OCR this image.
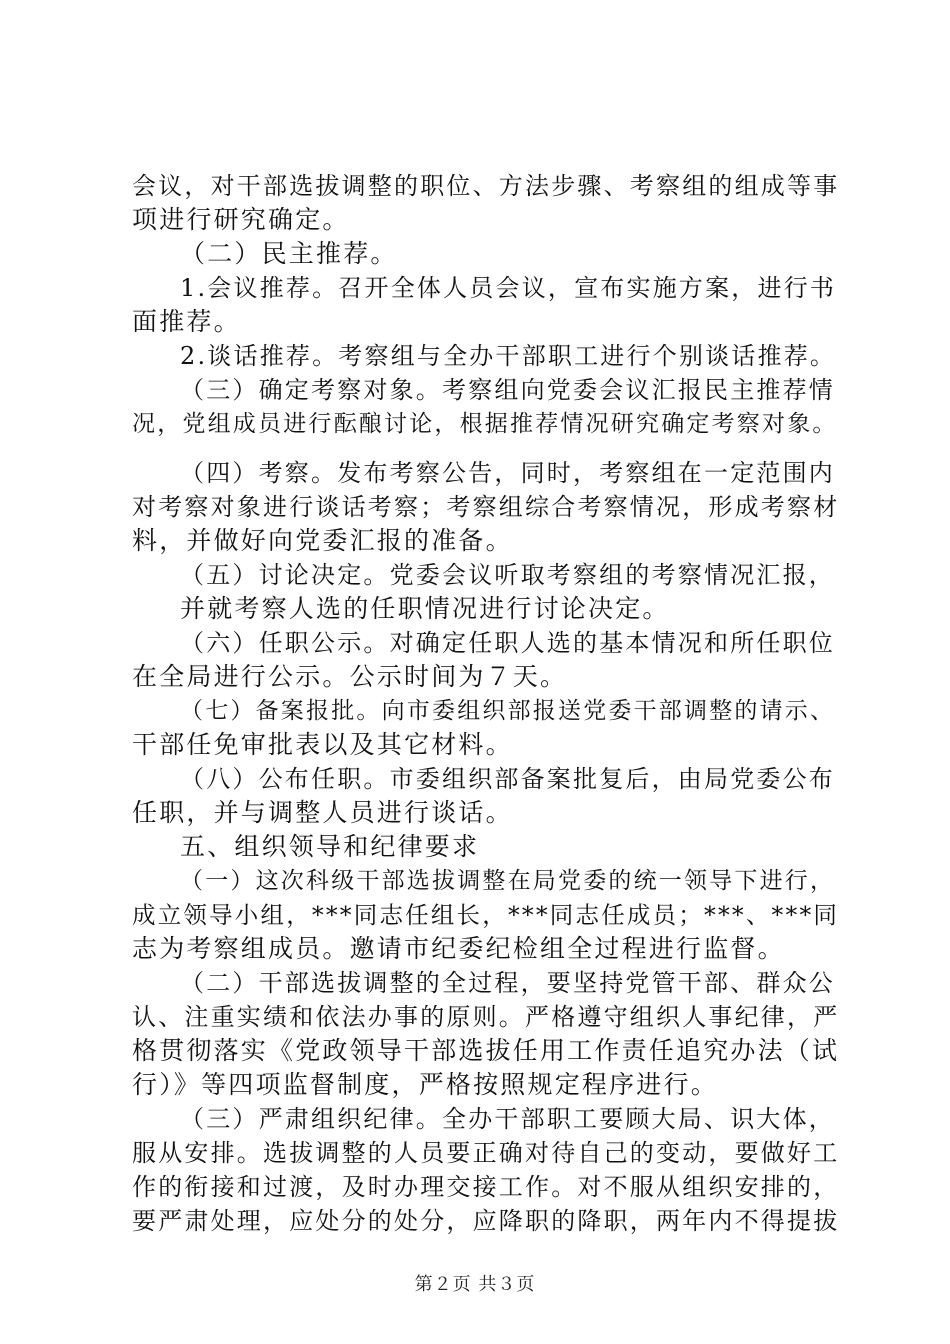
会议，对干部选拔调整的职位、方法步骤、考察组的组成等事
项进行研究确定。
（二）民主推荐。
1.会议推荐。召开全体人员会议，宣布实施方案，进行书
面推荐。
2.谈话推荐。考察组与全办干部职工进行个别谈话推荐。
（三）确定考察对象。考察组向党委会议汇报民主推荐情
况，党组成员进行酝酿讨论，根据推荐情况研究确定考察对象。
（四）考察。发布考察公告，同时，考察组在一定范围内
对考察对象进行谈话考察；考察组综合考察情况，形成考察材
料，并做好向党委汇报的准备。
（五）讨论决定。党委会议听取考察组的考察情况汇报，
并就考察人选的任职情况进行讨论决定。
（六）任职公示。对确定任职人选的基本情况和所任职位
在全局进行公示。公示时间为７天。
（七）备案报批。向市委组织部报送党委干部调整的请示、
干部任免审批表以及其它材料。
（八）公布任职。市委组织部备案批复后，由局党委公布
任职，并与调整人员进行谈话。
五、组织领导和纪律要求
（一）这次科级干部选拔调整在局党委的统一领导下进行，
成立领导小组，***同志任组长，***同志任成员；***、***同
志为考察组成员。邀请市纪委纪检组全过程进行监督。
（二）干部选拔调整的全过程，要坚持党管干部、群众公
认、注重实绩和依法办事的原则。严格遵守组织人事纪律，严
格贯彻落实《党政领导干部选拔任用工作责任追究办法（试
行）》等四项监督制度，严格按照规定程序进行。
（三）严肃组织纪律。全办干部职工要顾大局、识大体，
服从安排。选拔调整的人员要正确对待自己的变动，要做好工
作的衔接和过渡，及时办理交接工作。对不服从组织安排的，
要严肃处理，应处分的处分，应降职的降职，两年内不得提拔
第２页 共３页
